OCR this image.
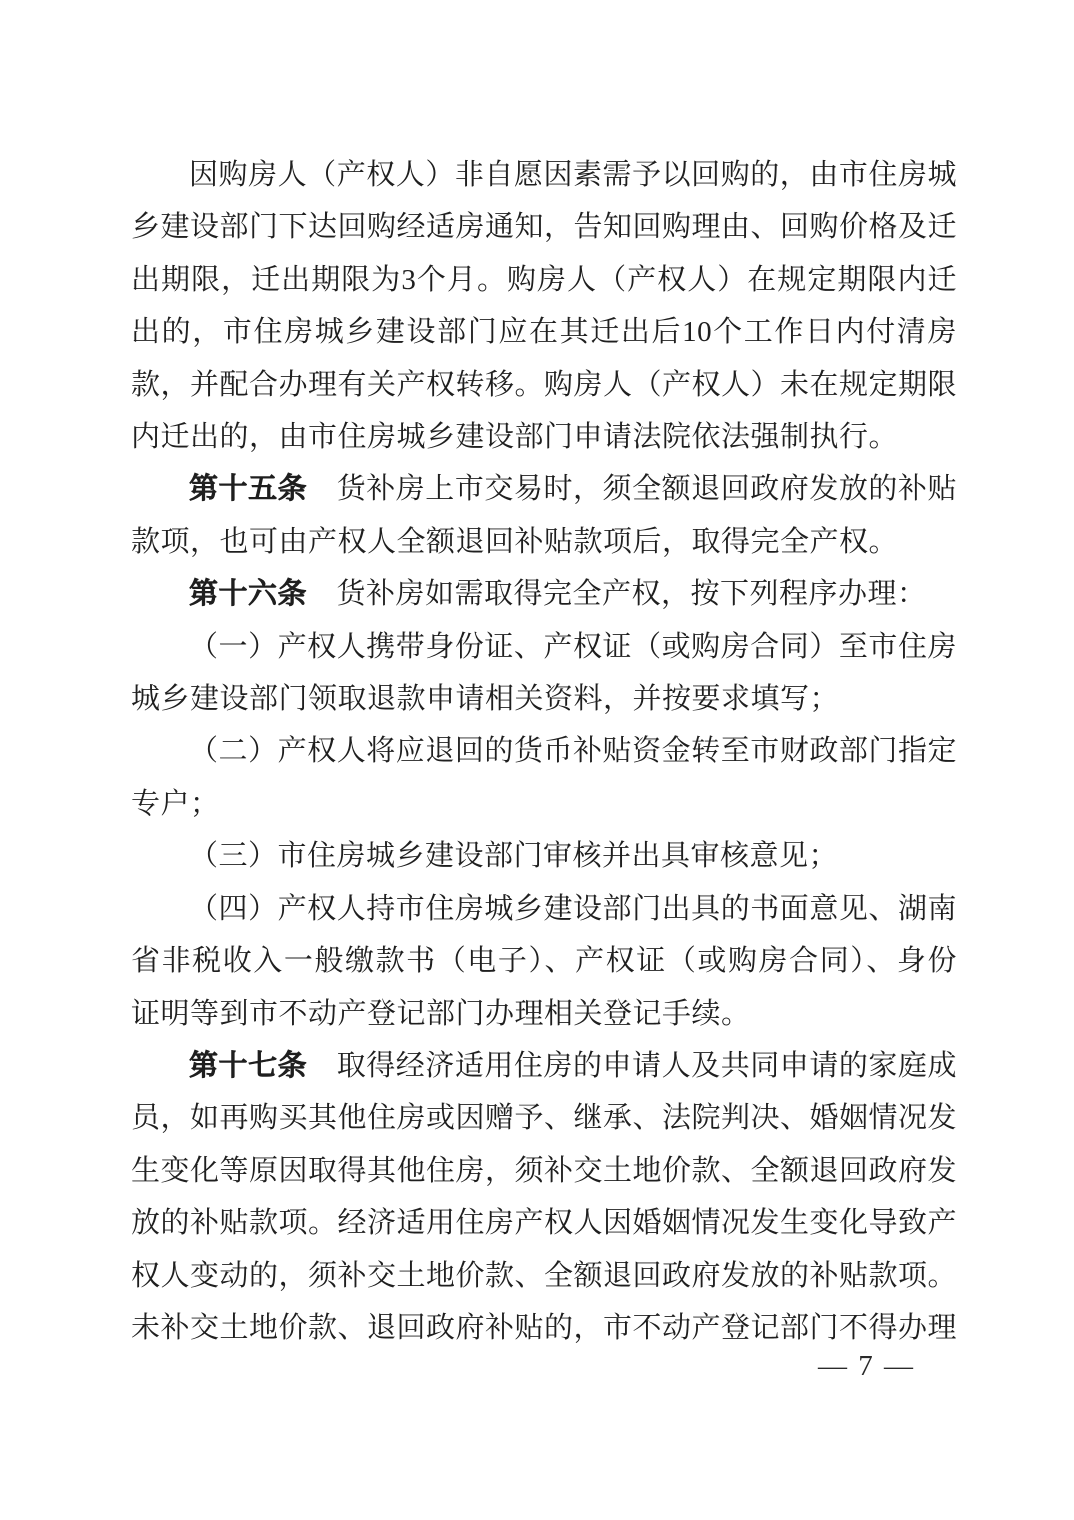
因购房人（产权人）非自愿因素需予以回购的，由市住房城乡建设部门下达回购经适房通知，告知回购理由、回购价格及迁出期限，迁出期限为3个月。购房人（产权人）在规定期限内迁出的，市住房城乡建设部门应在其迁出后10个工作日内付清房款，并配合办理有关产权转移。购房人（产权人）未在规定期限内迁出的，由市住房城乡建设部门申请法院依法强制执行。

第十五条　货补房上市交易时，须全额退回政府发放的补贴款项，也可由产权人全额退回补贴款项后，取得完全产权。

第十六条　货补房如需取得完全产权，按下列程序办理：

（一）产权人携带身份证、产权证（或购房合同）至市住房城乡建设部门领取退款申请相关资料，并按要求填写；

（二）产权人将应退回的货币补贴资金转至市财政部门指定专户；

（三）市住房城乡建设部门审核并出具审核意见；

（四）产权人持市住房城乡建设部门出具的书面意见、湖南省非税收入一般缴款书（电子）、产权证（或购房合同）、身份证明等到市不动产登记部门办理相关登记手续。

第十七条　取得经济适用住房的申请人及共同申请的家庭成员，如再购买其他住房或因赠予、继承、法院判决、婚姻情况发生变化等原因取得其他住房，须补交土地价款、全额退回政府发放的补贴款项。经济适用住房产权人因婚姻情况发生变化导致产权人变动的，须补交土地价款、全额退回政府发放的补贴款项。未补交土地价款、退回政府补贴的，市不动产登记部门不得办理

— 7 —
